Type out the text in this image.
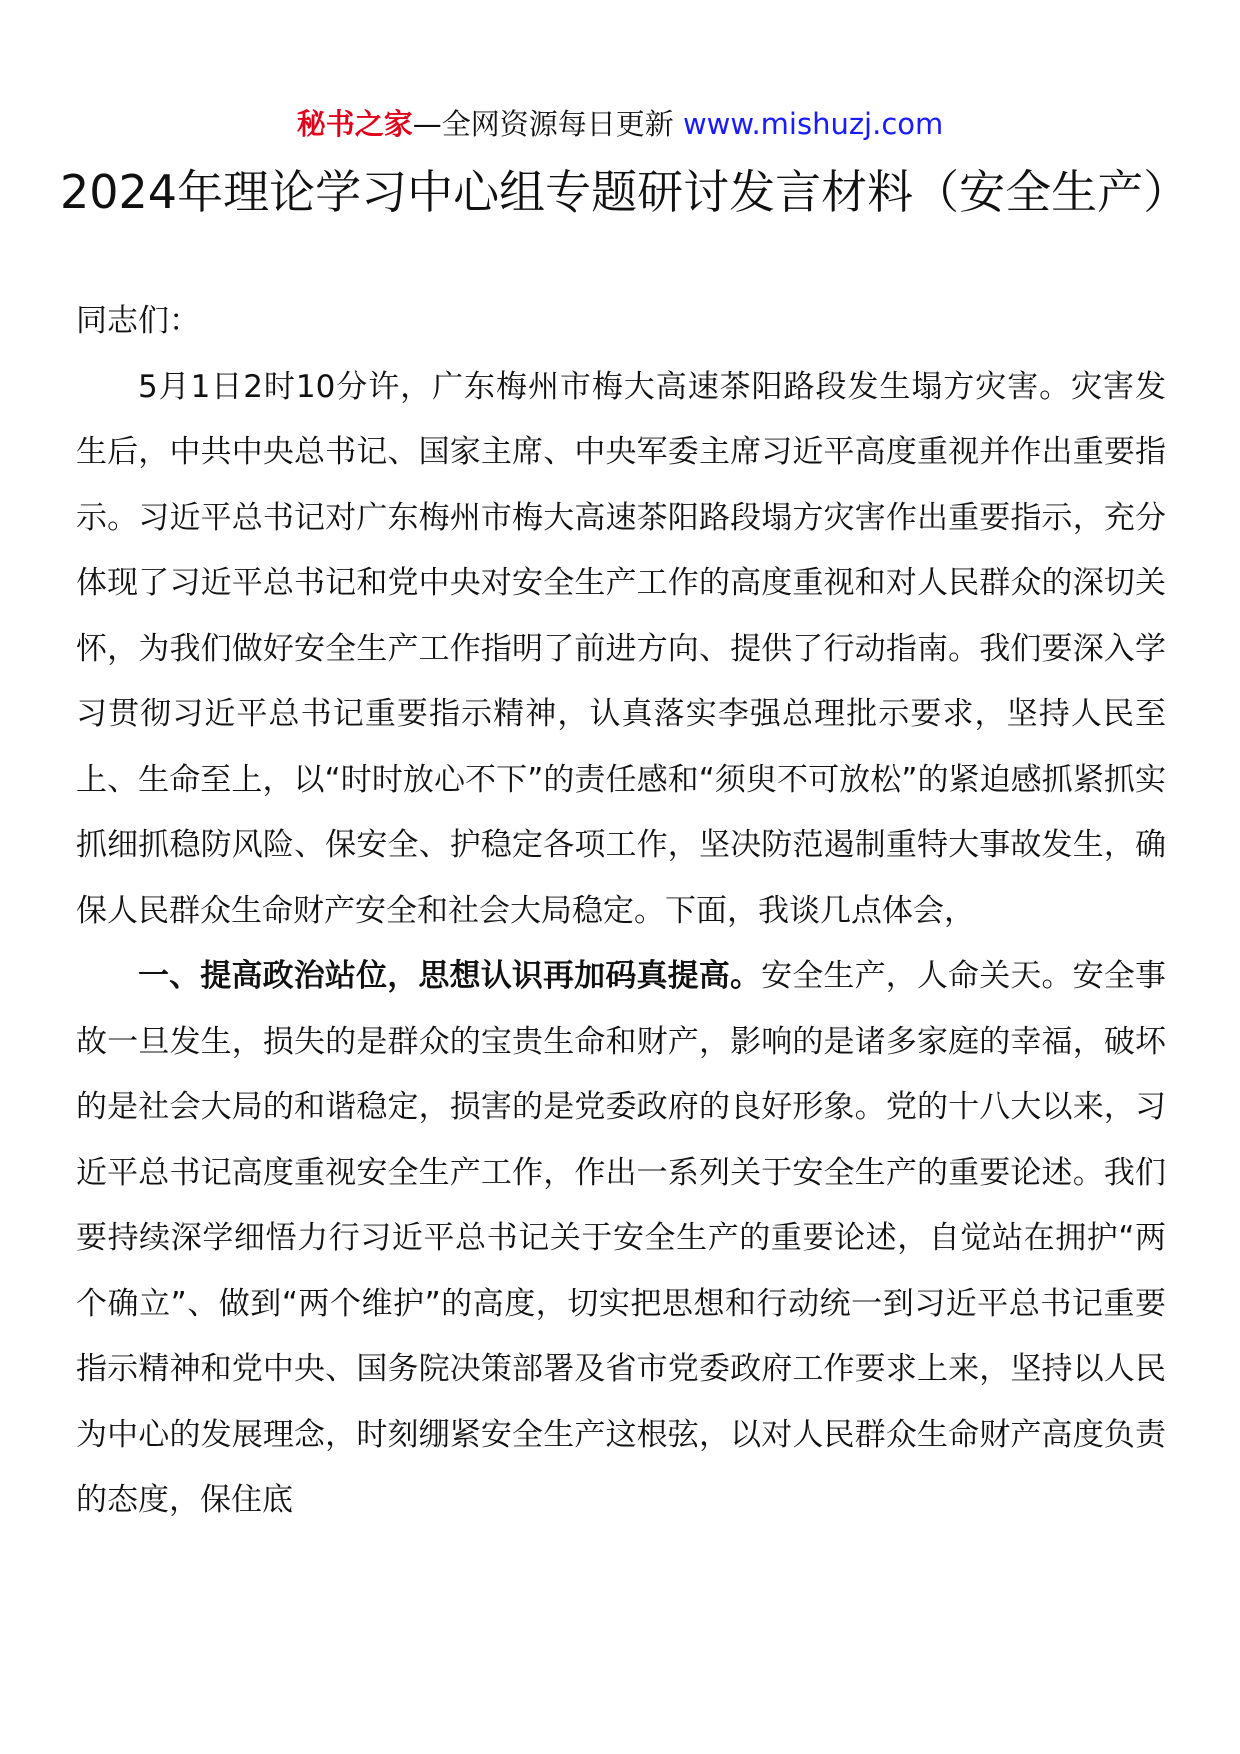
秘书之家—全网资源每日更新 www.mishuzj.com
2024年理论学习中心组专题研讨发言材料（安全生产）

同志们：

5月1日2时10分许，广东梅州市梅大高速茶阳路段发生塌方灾害。灾害发生后，中共中央总书记、国家主席、中央军委主席习近平高度重视并作出重要指示。习近平总书记对广东梅州市梅大高速茶阳路段塌方灾害作出重要指示，充分体现了习近平总书记和党中央对安全生产工作的高度重视和对人民群众的深切关怀，为我们做好安全生产工作指明了前进方向、提供了行动指南。我们要深入学习贯彻习近平总书记重要指示精神，认真落实李强总理批示要求，坚持人民至上、生命至上，以“时时放心不下”的责任感和“须臾不可放松”的紧迫感抓紧抓实抓细抓稳防风险、保安全、护稳定各项工作，坚决防范遏制重特大事故发生，确保人民群众生命财产安全和社会大局稳定。下面，我谈几点体会，

一、提高政治站位，思想认识再加码真提高。安全生产，人命关天。安全事故一旦发生，损失的是群众的宝贵生命和财产，影响的是诸多家庭的幸福，破坏的是社会大局的和谐稳定，损害的是党委政府的良好形象。党的十八大以来，习近平总书记高度重视安全生产工作，作出一系列关于安全生产的重要论述。我们要持续深学细悟力行习近平总书记关于安全生产的重要论述，自觉站在拥护“两个确立”、做到“两个维护”的高度，切实把思想和行动统一到习近平总书记重要指示精神和党中央、国务院决策部署及省市党委政府工作要求上来，坚持以人民为中心的发展理念，时刻绷紧安全生产这根弦，以对人民群众生命财产高度负责的态度，保住底
